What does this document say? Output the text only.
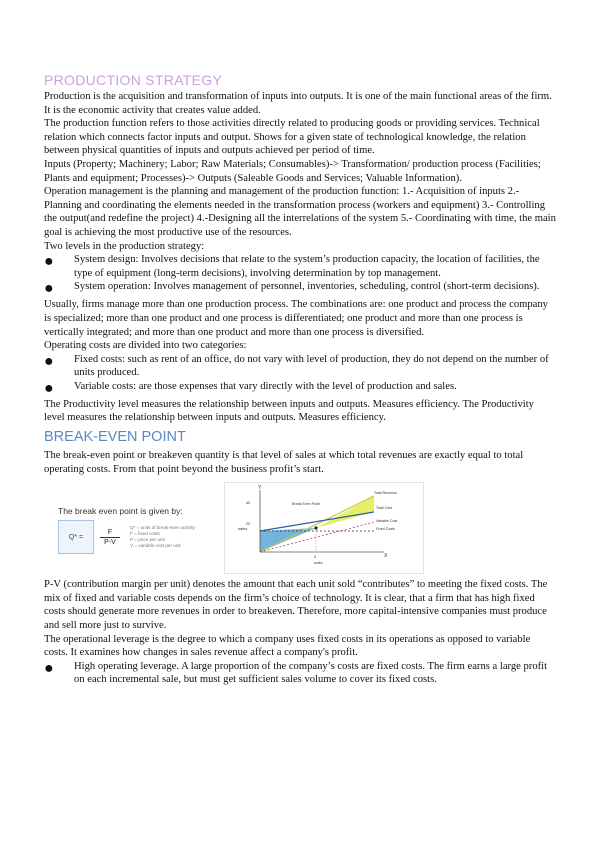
PRODUCTION STRATEGY

Production is the acquisition and transformation of inputs into outputs. It is one of the main functional areas of the firm. It is the economic activity that creates value added.

The production function refers to those activities directly related to producing goods or providing services. Technical relation which connects factor inputs and output. Shows for a given state of technological knowledge, the relation between physical quantities of inputs and outputs achieved per period of time.

Inputs (Property; Machinery; Labor; Raw Materials; Consumables)-> Transformation/ production process (Facilities; Plants and equipment; Processes)-> Outputs (Saleable Goods and Services; Valuable Information).

Operation management is the planning and management of the production function: 1.- Acquisition of inputs 2.- Planning and coordinating the elements needed in the transformation process (workers and equipment) 3.- Controlling the output(and redefine the project) 4.-Designing all the interrelations of the system 5.- Coordinating with time, the main goal is achieving the most productive use of the resources.

Two levels in the production strategy:

●	System design: Involves decisions that relate to the system’s production capacity, the location of facilities, the type of equipment (long-term decisions), involving determination by top management.

●	System operation: Involves management of personnel, inventories, scheduling, control (short-term decisions).

Usually, firms manage more than one production process. The combinations are: one product and process the company is specialized; more than one product and one process is differentiated; one product and more than one process is vertically integrated; and more than one product and more than one process is diversified.

Operating costs are divided into two categories:

●	Fixed costs: such as rent of an office, do not vary with level of production, they do not depend on the number of units produced.

●	Variable costs: are those expenses that vary directly with the level of production and sales.

The Productivity level measures the relationship between inputs and outputs. Measures efficiency. The Productivity level measures the relationship between inputs and outputs. Measures efficiency.

BREAK-EVEN POINT

The break-even point or breakeven quantity is that level of sales at which total revenues are exactly equal to total operating costs. From that point beyond the business profit’s start.

The break even point is given by:
Q* =	$\frac{F}{P-V}$
Q* = units of break-even activity
F = fixed costs
P = price per unit
V = variable cost per unit
Y
X
40
20
3
sales
units
Total Revenue
Break Even Point
Total Cost
Variable Cost
Fixed Costs

P-V (contribution margin per unit) denotes the amount that each unit sold “contributes” to meeting the fixed costs. The mix of fixed and variable costs depends on the firm’s choice of technology. It is clear, that a firm that has high fixed costs should generate more revenues in order to breakeven. Therefore, more capital-intensive companies must produce and sell more just to survive.

The operational leverage is the degree to which a company uses fixed costs in its operations as opposed to variable costs. It examines how changes in sales revenue affect a company's profit.

●	High operating leverage. A large proportion of the company’s costs are fixed costs. The firm earns a large profit on each incremental sale, but must get sufficient sales volume to cover its fixed costs.
